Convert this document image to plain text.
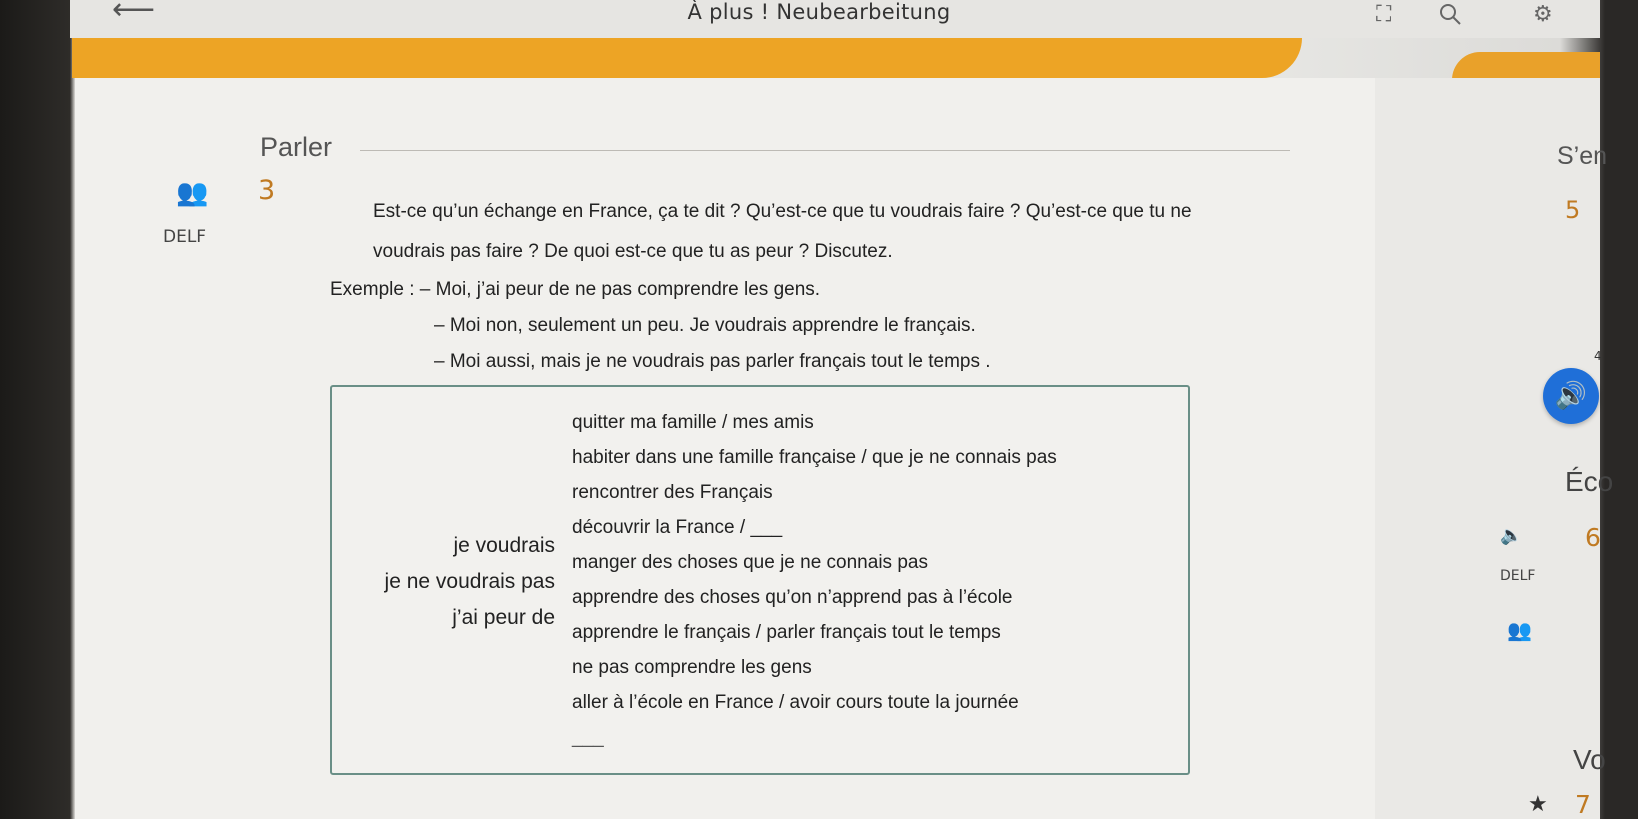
⟵	À plus ! Neubearbeitung	⛶	⚙
Parler
👥 3
DELF
Est-ce qu’un échange en France, ça te dit ? Qu’est-ce que tu voudrais faire ? Qu’est-ce que tu ne
voudrais pas faire ? De quoi est-ce que tu as peur ? Discutez.
Exemple : – Moi, j’ai peur de ne pas comprendre les gens.
– Moi non, seulement un peu. Je voudrais apprendre le français.
– Moi aussi, mais je ne voudrais pas parler français tout le temps .
je voudrais
je ne voudrais pas
j’ai peur de
quitter ma famille / mes amis
habiter dans une famille française / que je ne connais pas
rencontrer des Français
découvrir la France / ___
manger des choses que je ne connais pas
apprendre des choses qu’on n’apprend pas à l’école
apprendre le français / parler français tout le temps
ne pas comprendre les gens
aller à l’école en France / avoir cours toute la journée
___
S’en
5
4
🔊
Éco
🔈	6
DELF
👥
Vo
★ 7
